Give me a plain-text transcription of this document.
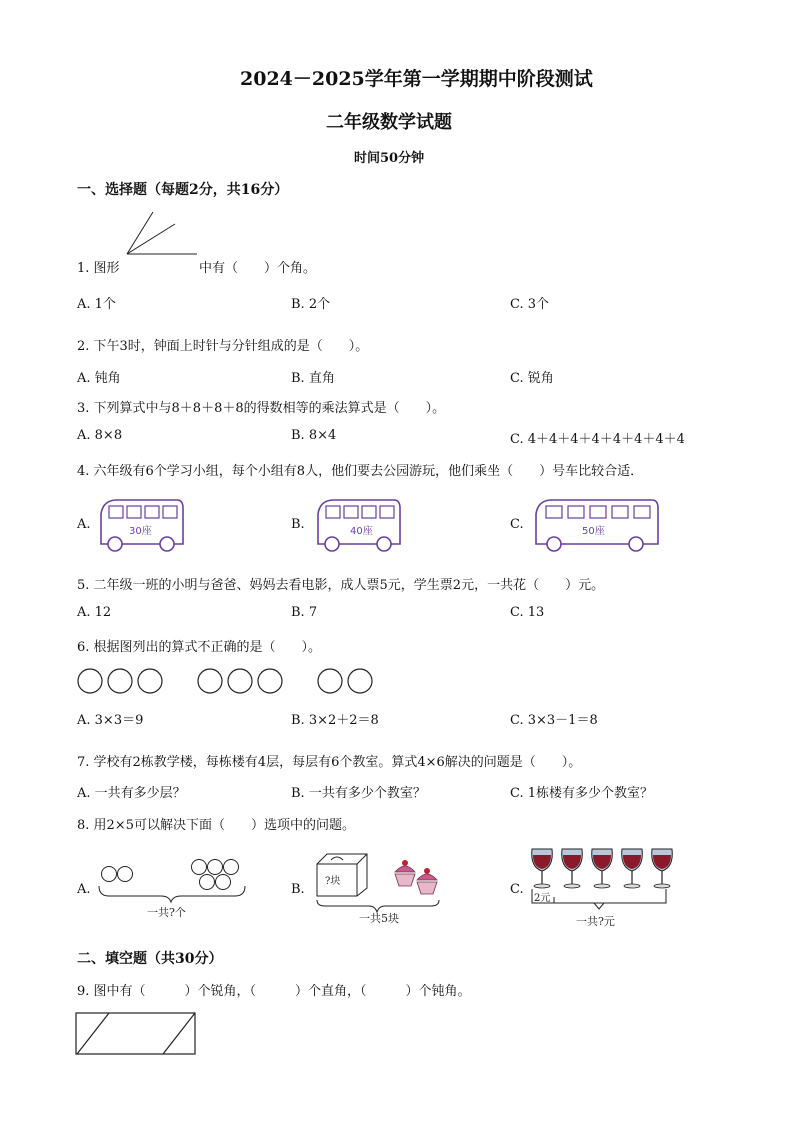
2024－2025学年第一学期期中阶段测试
二年级数学试题
时间50分钟
一、选择题（每题2分，共16分）
1. 图形	中有（　　）个角。
A. 1个	B. 2个	C. 3个
2. 下午3时，钟面上时针与分针组成的是（　　）。
A. 钝角	B. 直角	C. 锐角
3. 下列算式中与8＋8＋8＋8的得数相等的乘法算式是（　　）。
A. 8×8	B. 8×4	C. 4＋4＋4＋4＋4＋4＋4＋4
4. 六年级有6个学习小组，每个小组有8人，他们要去公园游玩，他们乘坐（　　）号车比较合适．
A.	B.	C.
30座	40座	50座
5. 二年级一班的小明与爸爸、妈妈去看电影，成人票5元，学生票2元，一共花（　　）元。
A. 12	B. 7	C. 13
6. 根据图列出的算式不正确的是（　　）。
A. 3×3＝9	B. 3×2＋2＝8	C. 3×3－1＝8
7. 学校有2栋教学楼，每栋楼有4层，每层有6个教室。算式4×6解决的问题是（　　）。
A. 一共有多少层？	B. 一共有多少个教室？	C. 1栋楼有多少个教室？
8. 用2×5可以解决下面（　　）选项中的问题。
A.	B.	C.
一共?个
?块
一共5块
2元
一共?元
二、填空题（共30分）
9. 图中有（　　　）个锐角，（　　　）个直角，（　　　）个钝角。
